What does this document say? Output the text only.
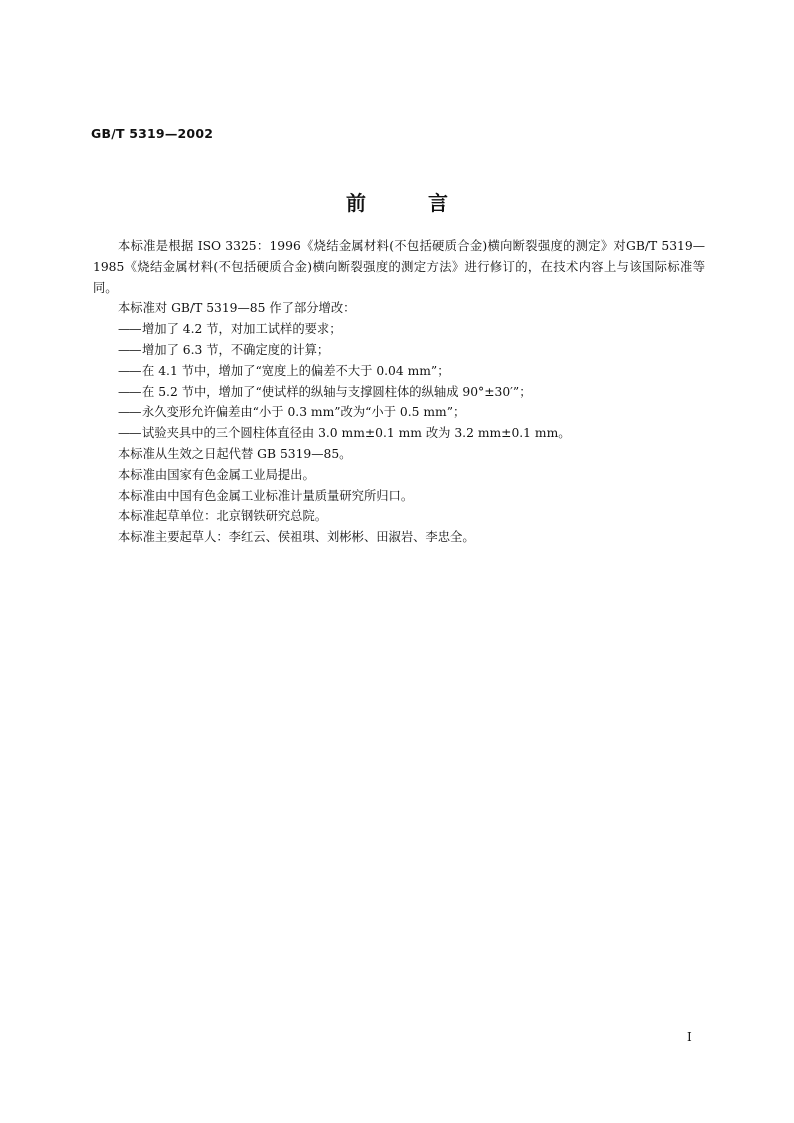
GB/T 5319—2002
前	言

本标准是根据 ISO 3325：1996《烧结金属材料(不包括硬质合金)横向断裂强度的测定》对GB/T 5319—1985《烧结金属材料(不包括硬质合金)横向断裂强度的测定方法》进行修订的，在技术内容上与该国际标准等同。

本标准对 GB/T 5319—85 作了部分增改：

——增加了 4.2 节，对加工试样的要求；

——增加了 6.3 节，不确定度的计算；

——在 4.1 节中，增加了“宽度上的偏差不大于 0.04 mm”；

——在 5.2 节中，增加了“使试样的纵轴与支撑圆柱体的纵轴成 90°±30′”；

——永久变形允许偏差由“小于 0.3 mm”改为“小于 0.5 mm”；

——试验夹具中的三个圆柱体直径由 3.0 mm±0.1 mm 改为 3.2 mm±0.1 mm。

本标准从生效之日起代替 GB 5319—85。

本标准由国家有色金属工业局提出。

本标准由中国有色金属工业标准计量质量研究所归口。

本标准起草单位：北京钢铁研究总院。

本标准主要起草人：李红云、侯祖琪、刘彬彬、田淑岩、李忠全。

I
